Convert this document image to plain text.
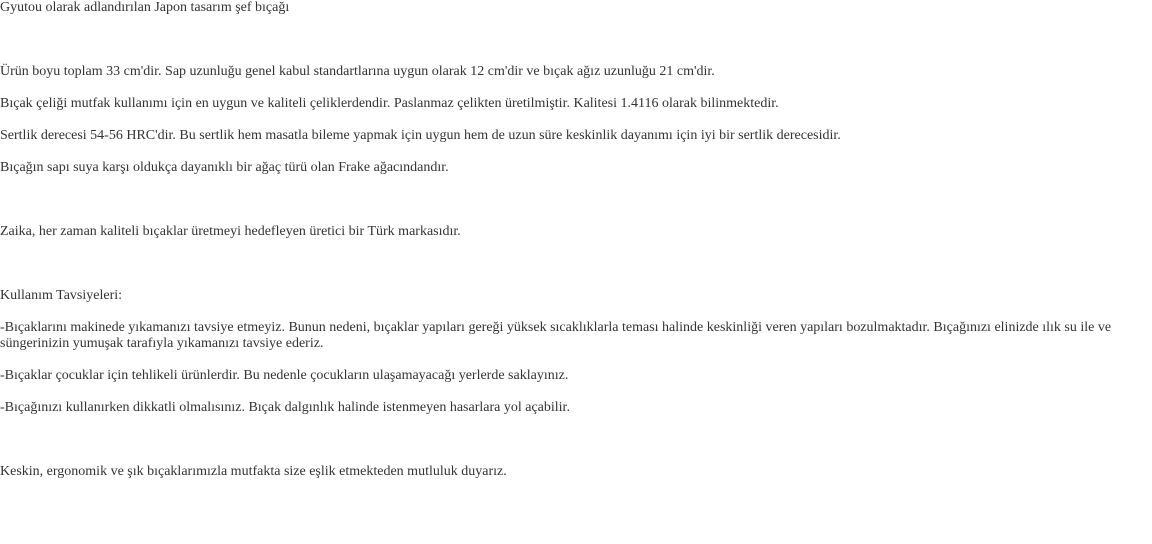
Gyutou olarak adlandırılan Japon tasarım şef bıçağı

Ürün boyu toplam 33 cm'dir. Sap uzunluğu genel kabul standartlarına uygun olarak 12 cm'dir ve bıçak ağız uzunluğu 21 cm'dir.

Bıçak çeliği mutfak kullanımı için en uygun ve kaliteli çeliklerdendir. Paslanmaz çelikten üretilmiştir. Kalitesi 1.4116 olarak bilinmektedir.

Sertlik derecesi 54-56 HRC'dir. Bu sertlik hem masatla bileme yapmak için uygun hem de uzun süre keskinlik dayanımı için iyi bir sertlik derecesidir.

Bıçağın sapı suya karşı oldukça dayanıklı bir ağaç türü olan Frake ağacındandır.

Zaika, her zaman kaliteli bıçaklar üretmeyi hedefleyen üretici bir Türk markasıdır.

Kullanım Tavsiyeleri:

-Bıçaklarını makinede yıkamanızı tavsiye etmeyiz. Bunun nedeni, bıçaklar yapıları gereği yüksek sıcaklıklarla teması halinde keskinliği veren yapıları bozulmaktadır. Bıçağınızı elinizde ılık su ile ve süngerinizin yumuşak tarafıyla yıkamanızı tavsiye ederiz.

-Bıçaklar çocuklar için tehlikeli ürünlerdir. Bu nedenle çocukların ulaşamayacağı yerlerde saklayınız.

-Bıçağınızı kullanırken dikkatli olmalısınız. Bıçak dalgınlık halinde istenmeyen hasarlara yol açabilir.

Keskin, ergonomik ve şık bıçaklarımızla mutfakta size eşlik etmekteden mutluluk duyarız.
